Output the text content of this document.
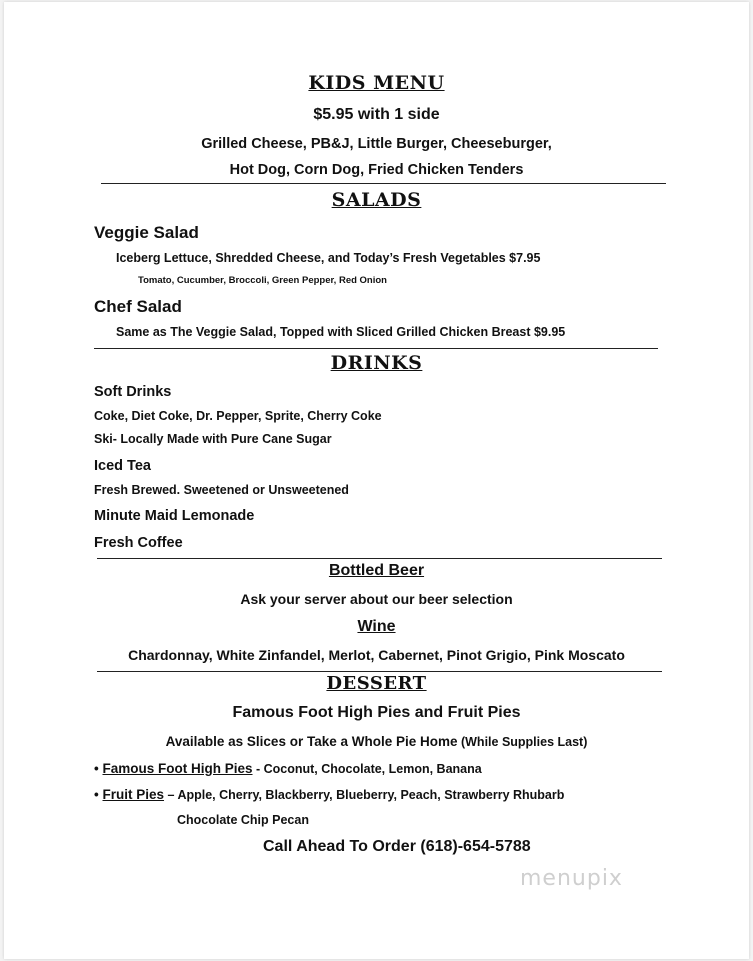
KIDS MENU
$5.95 with 1 side
Grilled Cheese, PB&J, Little Burger, Cheeseburger,
Hot Dog, Corn Dog, Fried Chicken Tenders
SALADS
Veggie Salad
Iceberg Lettuce, Shredded Cheese, and Today’s Fresh Vegetables $7.95
Tomato, Cucumber, Broccoli, Green Pepper, Red Onion
Chef Salad
Same as The Veggie Salad, Topped with Sliced Grilled Chicken Breast $9.95
DRINKS
Soft Drinks
Coke, Diet Coke, Dr. Pepper, Sprite, Cherry Coke
Ski- Locally Made with Pure Cane Sugar
Iced Tea
Fresh Brewed. Sweetened or Unsweetened
Minute Maid Lemonade
Fresh Coffee
Bottled Beer
Ask your server about our beer selection
Wine
Chardonnay, White Zinfandel, Merlot, Cabernet, Pinot Grigio, Pink Moscato
DESSERT
Famous Foot High Pies and Fruit Pies
Available as Slices or Take a Whole Pie Home (While Supplies Last)
• Famous Foot High Pies - Coconut, Chocolate, Lemon, Banana
• Fruit Pies – Apple, Cherry, Blackberry, Blueberry, Peach, Strawberry Rhubarb
Chocolate Chip Pecan
Call Ahead To Order (618)-654-5788
menupix
